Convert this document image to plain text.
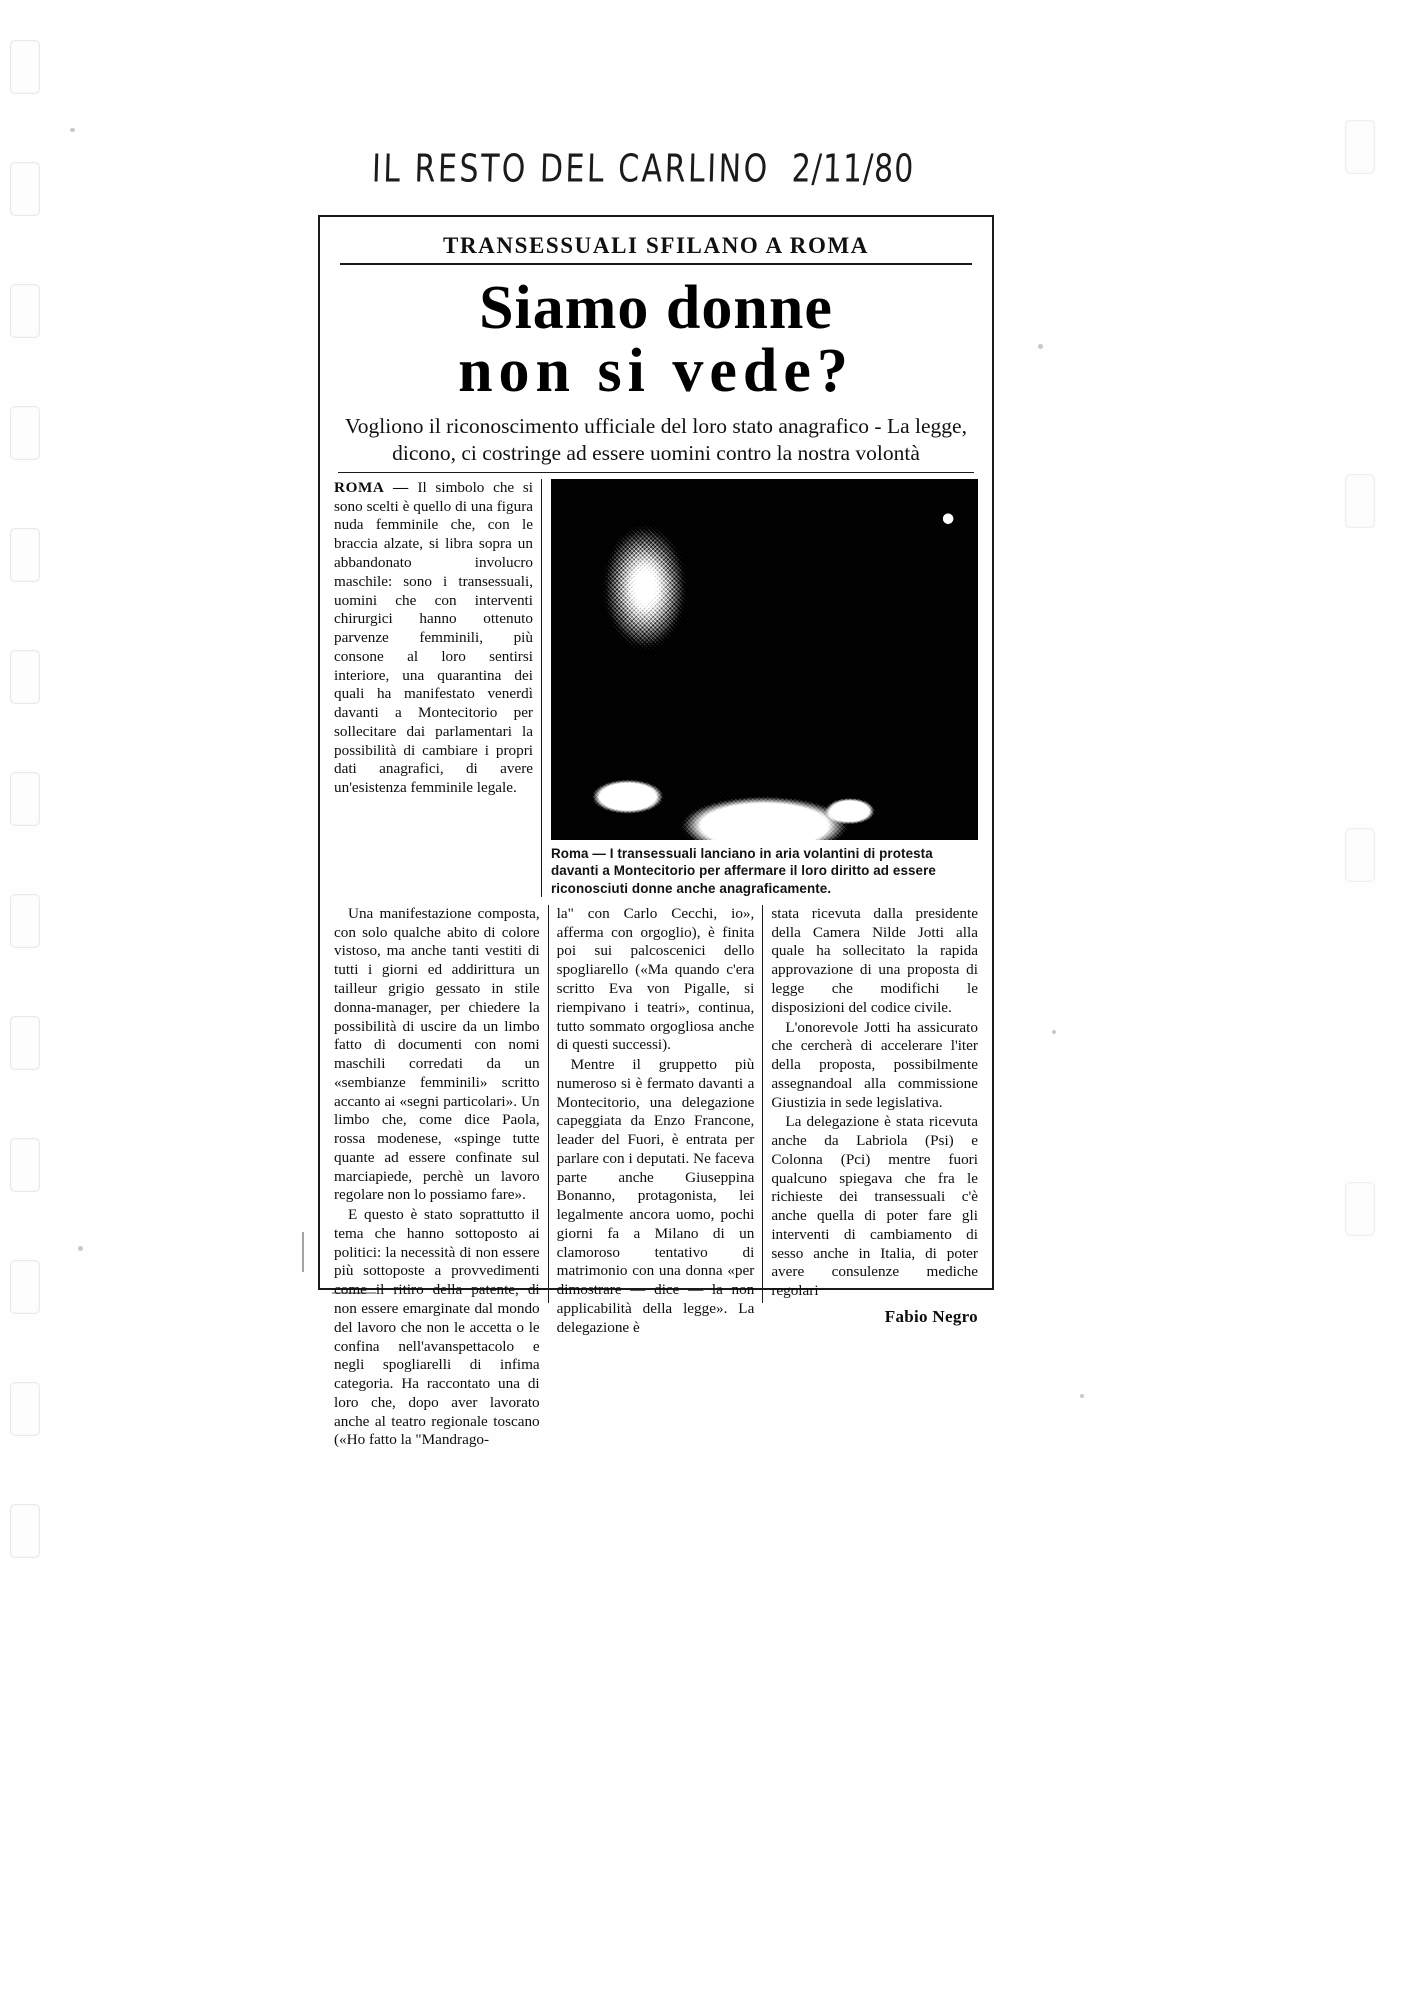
IL RESTO DEL CARLINO 2/11/80
TRANSESSUALI SFILANO A ROMA
Siamo donne
non si vede?
Vogliono il riconoscimento ufficiale del loro stato anagrafico - La legge, dicono, ci costringe ad essere uomini contro la nostra volontà

ROMA — Il simbolo che si sono scelti è quello di una figura nuda femminile che, con le braccia alzate, si libra sopra un abbandonato involucro maschile: sono i transessuali, uomini che con interventi chirurgici hanno ottenuto parvenze femminili, più consone al loro sentirsi interiore, una quarantina dei quali ha manifestato venerdì davanti a Montecitorio per sollecitare dai parlamentari la possibilità di cambiare i propri dati anagrafici, di avere un'esistenza femminile legale.

Roma — I transessuali lanciano in aria volantini di protesta davanti a Montecitorio per affermare il loro diritto ad essere riconosciuti donne anche anagraficamente.

Una manifestazione composta, con solo qualche abito di colore vistoso, ma anche tanti vestiti di tutti i giorni ed addirittura un tailleur grigio gessato in stile donna-manager, per chiedere la possibilità di uscire da un limbo fatto di documenti con nomi maschili corredati da un «sembianze femminili» scritto accanto ai «segni particolari». Un limbo che, come dice Paola, rossa modenese, «spinge tutte quante ad essere confinate sul marciapiede, perchè un lavoro regolare non lo possiamo fare».

E questo è stato soprattutto il tema che hanno sottoposto ai politici: la necessità di non essere più sottoposte a provvedimenti come il ritiro della patente, di non essere emarginate dal mondo del lavoro che non le accetta o le confina nell'avanspettacolo e negli spogliarelli di infima categoria. Ha raccontato una di loro che, dopo aver lavorato anche al teatro regionale toscano («Ho fatto la "Mandrago-

la" con Carlo Cecchi, io», afferma con orgoglio), è finita poi sui palcoscenici dello spogliarello («Ma quando c'era scritto Eva von Pigalle, si riempivano i teatri», continua, tutto sommato orgogliosa anche di questi successi).

Mentre il gruppetto più numeroso si è fermato davanti a Montecitorio, una delegazione capeggiata da Enzo Francone, leader del Fuori, è entrata per parlare con i deputati. Ne faceva parte anche Giuseppina Bonanno, protagonista, lei legalmente ancora uomo, pochi giorni fa a Milano di un clamoroso tentativo di matrimonio con una donna «per dimostrare — dice — la non applicabilità della legge». La delegazione è

stata ricevuta dalla presidente della Camera Nilde Jotti alla quale ha sollecitato la rapida approvazione di una proposta di legge che modifichi le disposizioni del codice civile.

L'onorevole Jotti ha assicurato che cercherà di accelerare l'iter della proposta, possibilmente assegnandoal alla commissione Giustizia in sede legislativa.

La delegazione è stata ricevuta anche da Labriola (Psi) e Colonna (Pci) mentre fuori qualcuno spiegava che fra le richieste dei transessuali c'è anche quella di poter fare gli interventi di cambiamento di sesso anche in Italia, di poter avere consulenze mediche regolari

Fabio Negro
